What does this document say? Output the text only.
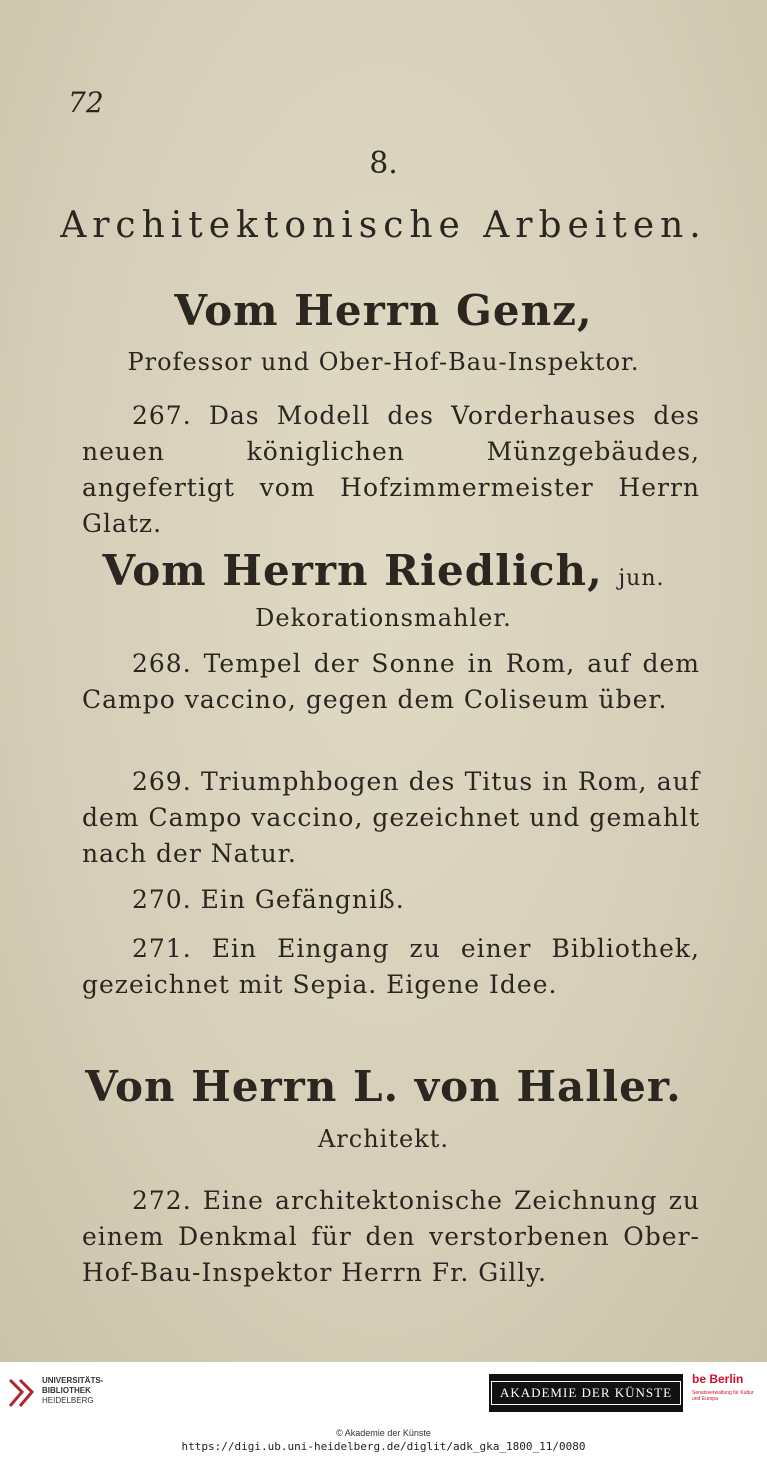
72
8.
Architektonische Arbeiten.
Vom Herrn Genz,
Professor und Ober-Hof-Bau-Inspektor.
267. Das Modell des Vorderhauses des neuen königlichen Münzgebäudes, angefertigt vom Hofzimmermeister Herrn Glatz.
Vom Herrn Riedlich, jun.
Dekorationsmahler.
268. Tempel der Sonne in Rom, auf dem Campo vaccino, gegen dem Coliseum über.
269. Triumphbogen des Titus in Rom, auf dem Campo vaccino, gezeichnet und gemahlt nach der Natur.
270. Ein Gefängniß.
271. Ein Eingang zu einer Bibliothek, gezeichnet mit Sepia. Eigene Idee.
Von Herrn L. von Haller.
Architekt.
272. Eine architektonische Zeichnung zu einem Denkmal für den verstorbenen Ober-Hof-Bau-Inspektor Herrn Fr. Gilly.
UNIVERSITÄTS-
BIBLIOTHEK
HEIDELBERG
AKADEMIE DER KÜNSTE
be Berlin
Senatsverwaltung für Kultur und Europa
© Akademie der Künste
https://digi.ub.uni-heidelberg.de/diglit/adk_gka_1800_11/0080
